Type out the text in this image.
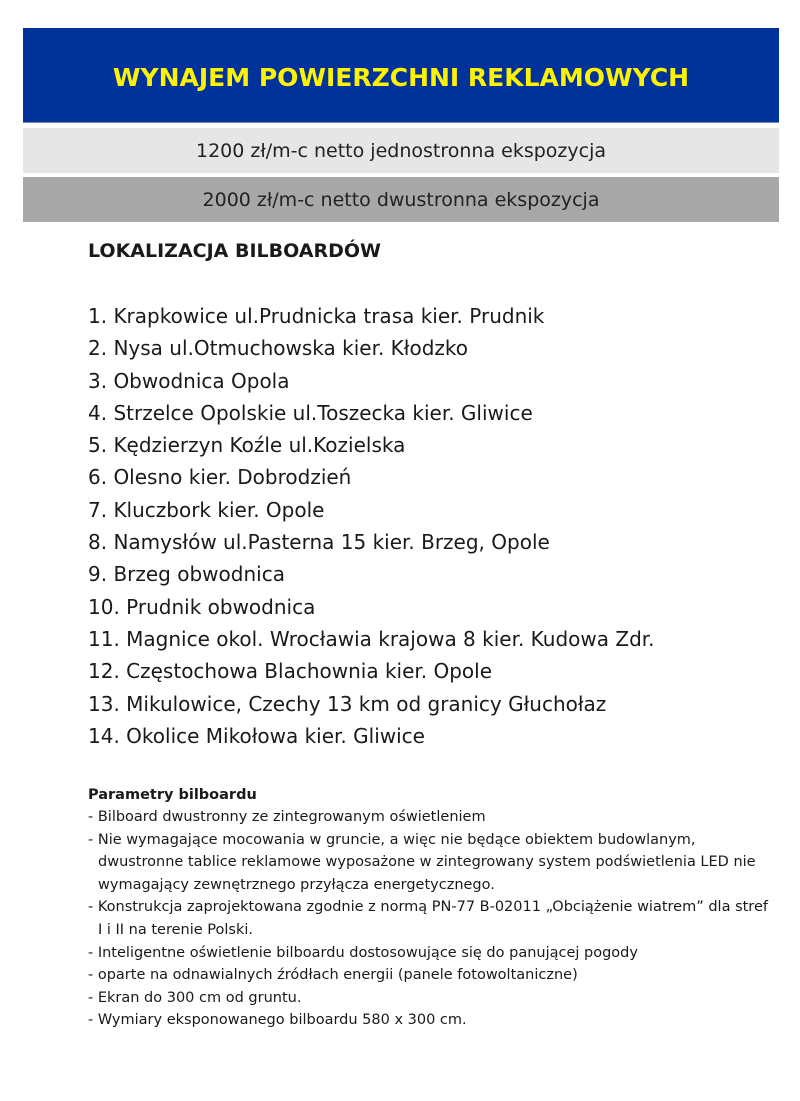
WYNAJEM POWIERZCHNI REKLAMOWYCH
1200 zł/m-c netto jednostronna ekspozycja
2000 zł/m-c netto dwustronna ekspozycja
LOKALIZACJA BILBOARDÓW
1. Krapkowice ul.Prudnicka trasa kier. Prudnik
2. Nysa ul.Otmuchowska kier. Kłodzko
3. Obwodnica Opola
4. Strzelce Opolskie ul.Toszecka kier. Gliwice
5. Kędzierzyn Koźle ul.Kozielska
6. Olesno kier. Dobrodzień
7. Kluczbork kier. Opole
8. Namysłów ul.Pasterna 15 kier. Brzeg, Opole
9. Brzeg obwodnica
10. Prudnik obwodnica
11. Magnice okol. Wrocławia krajowa 8 kier. Kudowa Zdr.
12. Częstochowa Blachownia kier. Opole
13. Mikulowice, Czechy 13 km od granicy Głuchołaz
14. Okolice Mikołowa kier. Gliwice
Parametry bilboardu
- Bilboard dwustronny ze zintegrowanym oświetleniem
- Nie wymagające mocowania w gruncie, a więc nie będące obiektem budowlanym, dwustronne tablice reklamowe wyposażone w zintegrowany system podświetlenia LED nie wymagający zewnętrznego przyłącza energetycznego.
- Konstrukcja zaprojektowana zgodnie z normą PN-77 B-02011 „Obciążenie wiatrem” dla stref I i II na terenie Polski.
- Inteligentne oświetlenie bilboardu dostosowujące się do panującej pogody
- oparte na odnawialnych źródłach energii (panele fotowoltaniczne)
- Ekran do 300 cm od gruntu.
- Wymiary eksponowanego bilboardu 580 x 300 cm.
